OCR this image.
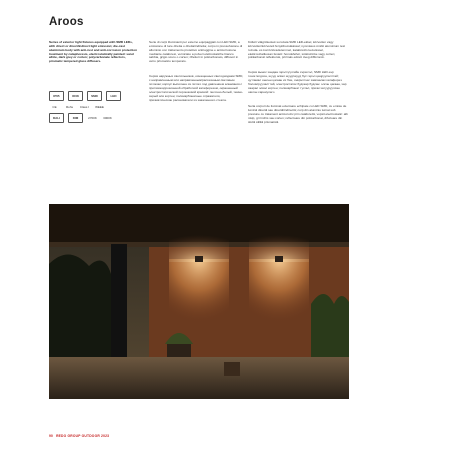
Aroos

Series of exterior light fixtures equipped with SMD LEDs, with direct or direct/indirect light emission; die-cast aluminium body with anti-rust and anti-corrosion protection treatment by cataphoresis, electrostatically painted: sand white, dark grey or corten; polycarbonate reflectors, prismatic tempered glass diffusers.

IP65	IK08	SMD	LED
CE	Rohs	Class I	WEEE
DALI	DIM	2700K	3000K

Serie di corpi illuminanti per esterno equipaggiati con LED SMD, a emissione di luce diretta o diretta/indiretta; corpo in pressofusione di alluminio con trattamento protettivo antiruggine e anticorrosione mediante cataforesi, verniciato a polveri elettrostatiche bianco sabbia, grigio scuro o corten; riflettori in policarbonato, diffusori in vetro prismatico temperato.

Серия наружных светильников, оснащенных светодиодами SMD, с направленным или направленным/рассеянным световым потоком; корпус выполнен из литого под давлением алюминия с противокоррозионной обработкой катафорезом, окрашенный электростатической порошковой краской: песочно-белый, темно-серый или кортен; поликарбонатные отражатели, призматические рассеиватели из закаленного стекла.

Kültéri világítótestek sorozata SMD LED-ekkel, közvetlen vagy közvetlen/közvetett fénykibocsátással; nyomásos öntött alumínium test rozsda- és korrózióvédelemmel, kataforézis kezeléssel, elektrosztatikusan festett: homokfehér, sötétszürke vagy corten; polikarbonát reflektorok, prizmás edzett üveg diffúzorok.

Серия вынос хандаа гэрэлтүүлгийн хэрэгсэл, SMD LED-ээр тоноглогдсон, шууд эсвэл шууд/шууд бус гэрэл цацруулалттай; цутгамал хөнгөн цагаан их бие, зэврэлтээс хамгаалах катафорез боловсруулалттай, электростатик будгаар будсан: элсэн цагаан, хар саарал эсвэл кортен; поликарбонат тусгал, призм хатууруулсан шилэн сарниулагч.

Seria corpuri de iluminat exterioare echipate cu LED SMD, cu emisie de lumină directă sau directă/indirectă; corp din aluminiu turnat sub presiune cu tratament anticoroziv prin cataforeză, vopsit electrostatic: alb nisip, gri închis sau corten; reflectoare din policarbonat, difuzoare din sticlă călită prismatică.

90 REDO GROUP OUTDOOR 2023
